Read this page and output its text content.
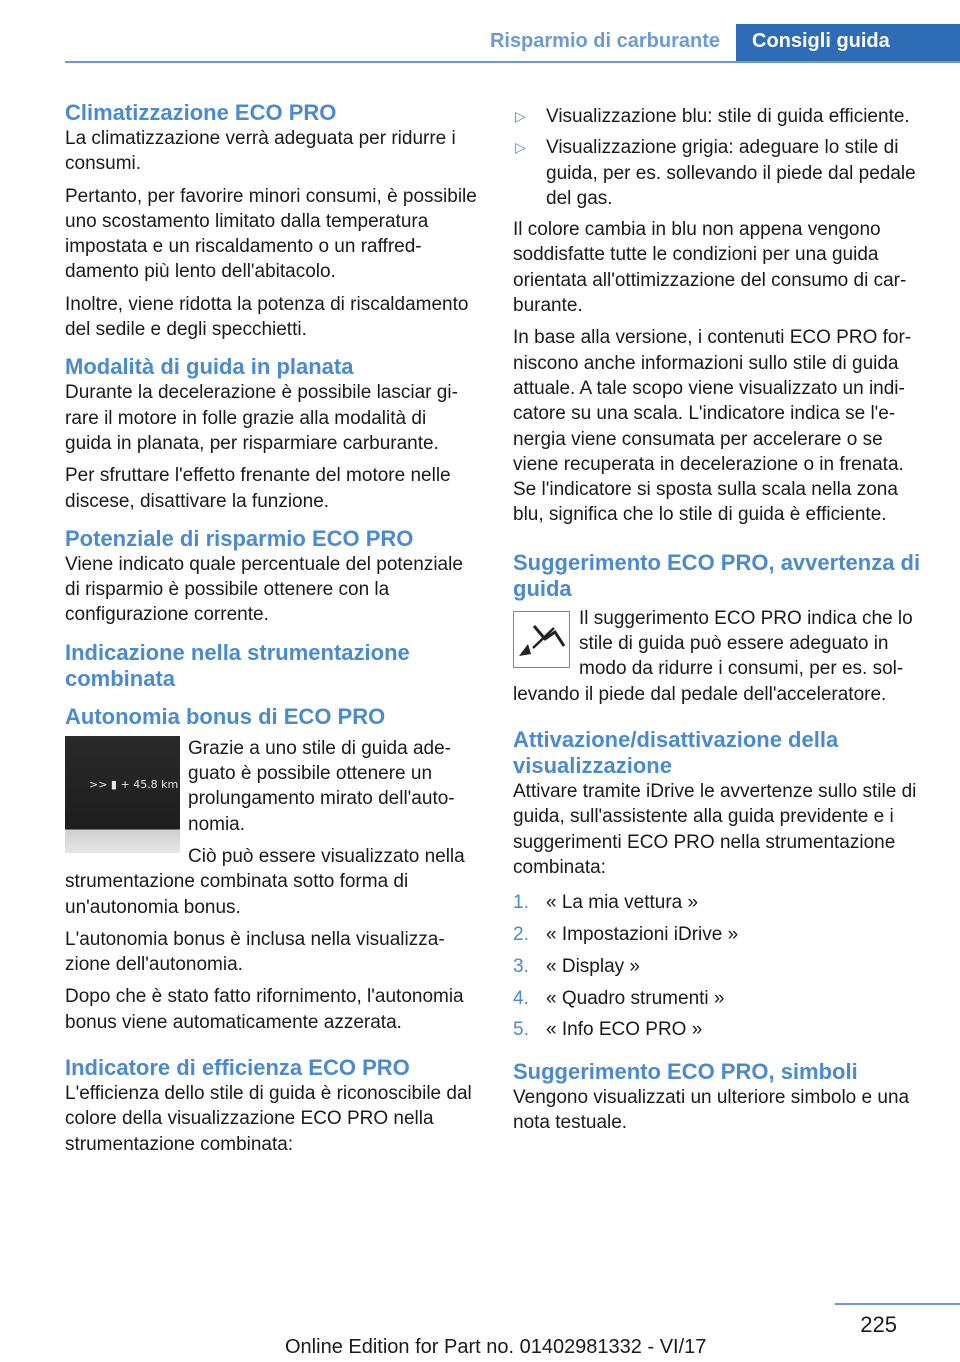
Risparmio di carburante	Consigli guida
Climatizzazione ECO PRO

La climatizzazione verrà adeguata per ridurre i consumi.

Pertanto, per favorire minori consumi, è possibile uno scostamento limitato dalla temperatura impostata e un riscaldamento o un raffreddamento più lento dell'abitacolo.

Inoltre, viene ridotta la potenza di riscaldamento del sedile e degli specchietti.

Modalità di guida in planata

Durante la decelerazione è possibile lasciar girare il motore in folle grazie alla modalità di guida in planata, per risparmiare carburante.

Per sfruttare l'effetto frenante del motore nelle discese, disattivare la funzione.

Potenziale di risparmio ECO PRO

Viene indicato quale percentuale del potenziale di risparmio è possibile ottenere con la configurazione corrente.

Indicazione nella strumentazione combinata
Autonomia bonus di ECO PRO
>> ▮ + 45.8 km

Grazie a uno stile di guida adeguato è possibile ottenere un prolungamento mirato dell'autonomia.

Ciò può essere visualizzato nella strumentazione combinata sotto forma di un'autonomia bonus.

L'autonomia bonus è inclusa nella visualizzazione dell'autonomia.

Dopo che è stato fatto rifornimento, l'autonomia bonus viene automaticamente azzerata.

Indicatore di efficienza ECO PRO

L'efficienza dello stile di guida è riconoscibile dal colore della visualizzazione ECO PRO nella strumentazione combinata:

▷ Visualizzazione blu: stile di guida efficiente.
▷ Visualizzazione grigia: adeguare lo stile di guida, per es. sollevando il piede dal pedale del gas.

Il colore cambia in blu non appena vengono soddisfatte tutte le condizioni per una guida orientata all'ottimizzazione del consumo di carburante.

In base alla versione, i contenuti ECO PRO forniscono anche informazioni sullo stile di guida attuale. A tale scopo viene visualizzato un indicatore su una scala. L'indicatore indica se l'energia viene consumata per accelerare o se viene recuperata in decelerazione o in frenata. Se l'indicatore si sposta sulla scala nella zona blu, significa che lo stile di guida è efficiente.

Suggerimento ECO PRO, avvertenza di guida

Il suggerimento ECO PRO indica che lo stile di guida può essere adeguato in modo da ridurre i consumi, per es. sollevando il piede dal pedale dell'acceleratore.

Attivazione/disattivazione della visualizzazione

Attivare tramite iDrive le avvertenze sullo stile di guida, sull'assistente alla guida previdente e i suggerimenti ECO PRO nella strumentazione combinata:

1. « La mia vettura »
2. « Impostazioni iDrive »
3. « Display »
4. « Quadro strumenti »
5. « Info ECO PRO »
Suggerimento ECO PRO, simboli

Vengono visualizzati un ulteriore simbolo e una nota testuale.

225
Online Edition for Part no. 01402981332 - VI/17
